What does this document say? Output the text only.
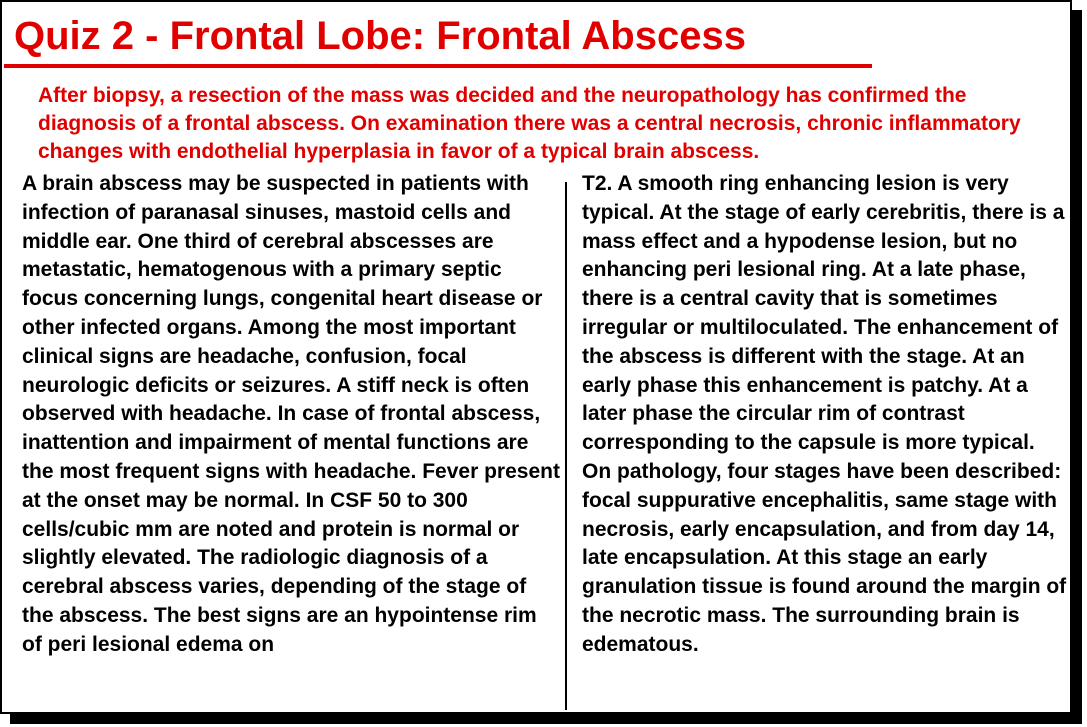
Quiz 2 - Frontal Lobe: Frontal Abscess

After biopsy, a resection of the mass was decided and the neuropathology has confirmed the diagnosis of a frontal abscess. On examination there was a central necrosis, chronic inflammatory changes with endothelial hyperplasia in favor of a typical brain abscess.

A brain abscess may be suspected in patients with infection of paranasal sinuses, mastoid cells and middle ear. One third of cerebral abscesses are metastatic, hematogenous with a primary septic focus concerning lungs, congenital heart disease or other infected organs. Among the most important clinical signs are headache, confusion, focal neurologic deficits or seizures. A stiff neck is often observed with headache. In case of frontal abscess, inattention and impairment of mental functions are the most frequent signs with headache. Fever present at the onset may be normal. In CSF 50 to 300 cells/cubic mm are noted and protein is normal or slightly elevated. The radiologic diagnosis of a cerebral abscess varies, depending of the stage of the abscess. The best signs are an hypointense rim of peri lesional edema on

T2. A smooth ring enhancing lesion is very typical. At the stage of early cerebritis, there is a mass effect and a hypodense lesion, but no enhancing peri lesional ring. At a late phase, there is a central cavity that is sometimes irregular or multiloculated. The enhancement of the abscess is different with the stage. At an early phase this enhancement is patchy. At a later phase the circular rim of contrast corresponding to the capsule is more typical. On pathology, four stages have been described: focal suppurative encephalitis, same stage with necrosis, early encapsulation, and from day 14, late encapsulation. At this stage an early granulation tissue is found around the margin of the necrotic mass. The surrounding brain is edematous.
